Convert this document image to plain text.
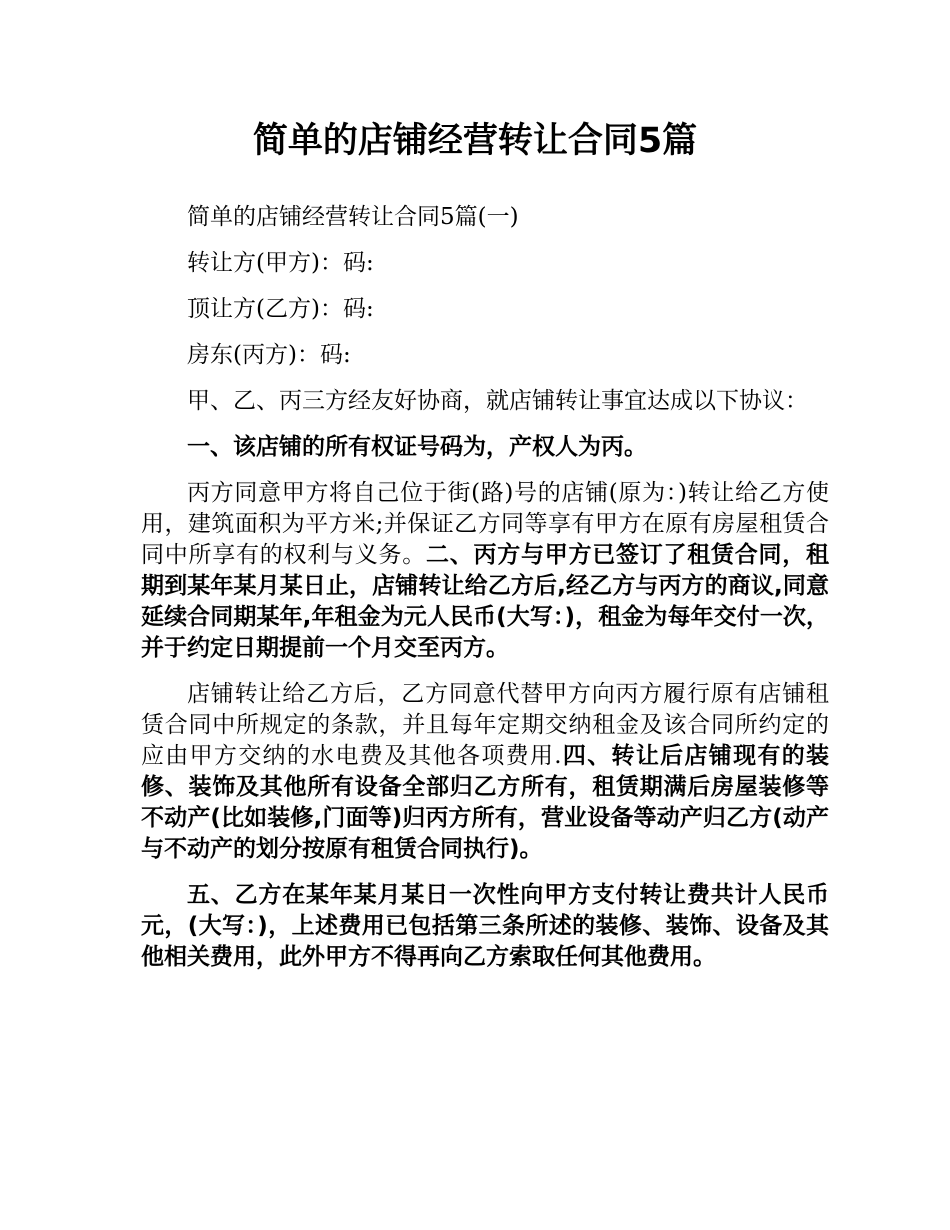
简单的店铺经营转让合同5篇

简单的店铺经营转让合同5篇(一)

转让方(甲方)：码:

顶让方(乙方)：码:

房东(丙方)：码:

甲、乙、丙三方经友好协商，就店铺转让事宜达成以下协议：

一、该店铺的所有权证号码为，产权人为丙。

丙方同意甲方将自己位于街(路)号的店铺(原为：)转让给乙方使用，建筑面积为平方米;并保证乙方同等享有甲方在原有房屋租赁合同中所享有的权利与义务。二、丙方与甲方已签订了租赁合同，租期到某年某月某日止，店铺转让给乙方后,经乙方与丙方的商议,同意延续合同期某年,年租金为元人民币(大写：)，租金为每年交付一次，并于约定日期提前一个月交至丙方。

店铺转让给乙方后，乙方同意代替甲方向丙方履行原有店铺租赁合同中所规定的条款，并且每年定期交纳租金及该合同所约定的应由甲方交纳的水电费及其他各项费用.四、转让后店铺现有的装修、装饰及其他所有设备全部归乙方所有，租赁期满后房屋装修等不动产(比如装修,门面等)归丙方所有，营业设备等动产归乙方(动产与不动产的划分按原有租赁合同执行)。

五、乙方在某年某月某日一次性向甲方支付转让费共计人民币元，(大写：)，上述费用已包括第三条所述的装修、装饰、设备及其他相关费用，此外甲方不得再向乙方索取任何其他费用。
